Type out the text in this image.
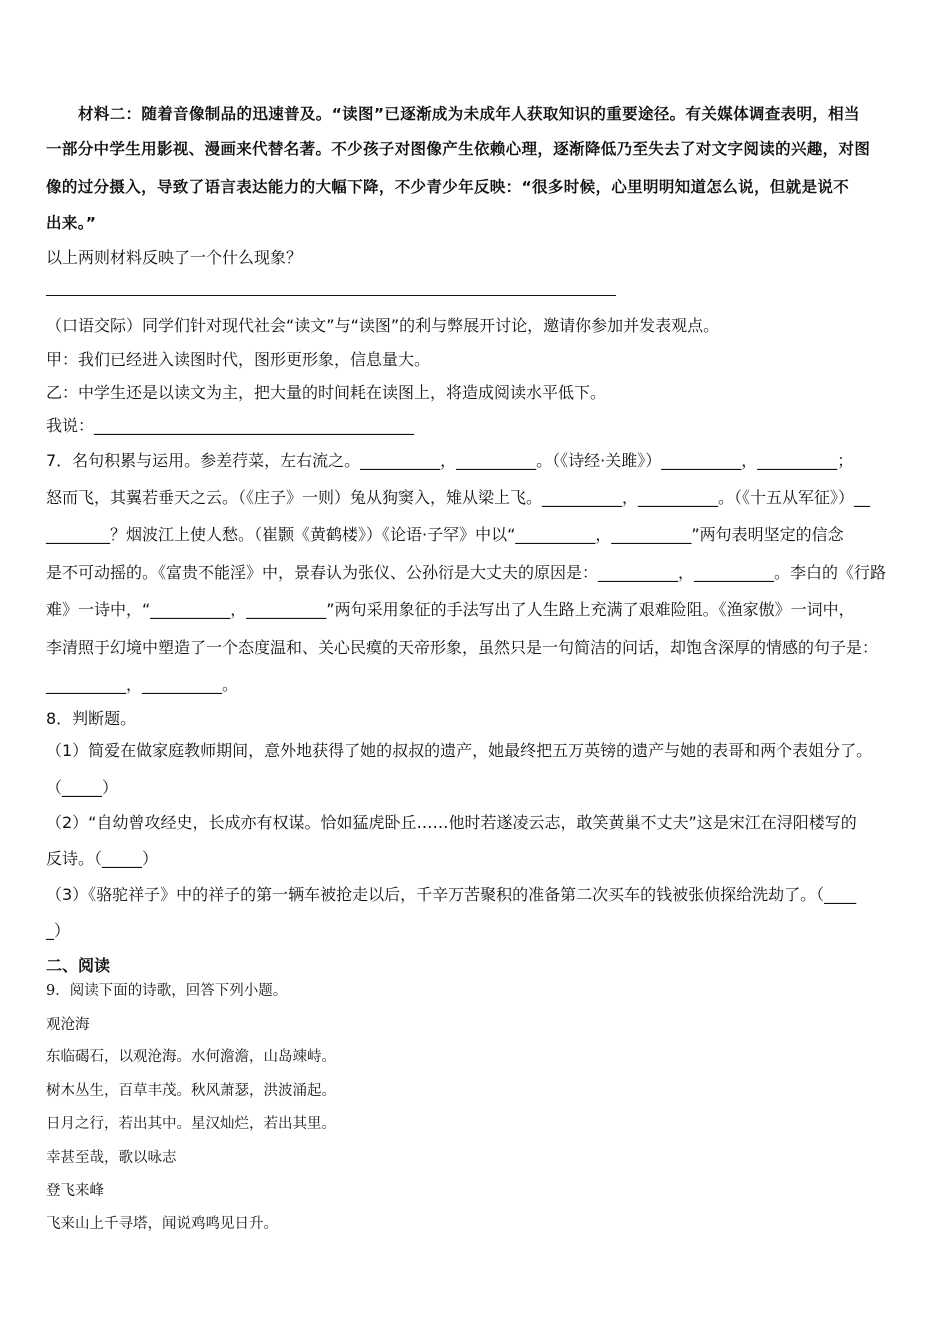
材料二：随着音像制品的迅速普及。“读图”已逐渐成为未成年人获取知识的重要途径。有关媒体调查表明，相当
一部分中学生用影视、漫画来代替名著。不少孩子对图像产生依赖心理，逐渐降低乃至失去了对文字阅读的兴趣，对图
像的过分摄入，导致了语言表达能力的大幅下降，不少青少年反映：“很多时候，心里明明知道怎么说，但就是说不
出来。”
以上两则材料反映了一个什么现象？
（口语交际）同学们针对现代社会“读文”与“读图”的利与弊展开讨论，邀请你参加并发表观点。
甲：我们已经进入读图时代，图形更形象，信息量大。
乙：中学生还是以读文为主，把大量的时间耗在读图上，将造成阅读水平低下。
我说：________________________________________
7．名句积累与运用。参差荇菜，左右流之。__________，__________。（《诗经·关雎》）__________，__________；
怒而飞，其翼若垂天之云。（《庄子》一则）兔从狗窦入，雉从梁上飞。__________，__________。（《十五从军征》）__
________？烟波江上使人愁。（崔颢《黄鹤楼》）《论语·子罕》中以“__________，__________”两句表明坚定的信念
是不可动摇的。《富贵不能淫》中，景春认为张仪、公孙衍是大丈夫的原因是：__________，__________。李白的《行路
难》一诗中，“__________，__________”两句采用象征的手法写出了人生路上充满了艰难险阻。《渔家傲》一词中，
李清照于幻境中塑造了一个态度温和、关心民瘼的天帝形象，虽然只是一句简洁的问话，却饱含深厚的情感的句子是：
__________，__________。
8．判断题。
（1）简爱在做家庭教师期间，意外地获得了她的叔叔的遗产，她最终把五万英镑的遗产与她的表哥和两个表姐分了。
（_____）
（2）“自幼曾攻经史，长成亦有权谋。恰如猛虎卧丘……他时若遂凌云志，敢笑黄巢不丈夫”这是宋江在浔阳楼写的
反诗。（_____）
（3）《骆驼祥子》中的祥子的第一辆车被抢走以后，千辛万苦聚积的准备第二次买车的钱被张侦探给洗劫了。（____
_）
二、阅读
9．阅读下面的诗歌，回答下列小题。
观沧海
东临碣石，以观沧海。水何澹澹，山岛竦峙。
树木丛生，百草丰茂。秋风萧瑟，洪波涌起。
日月之行，若出其中。星汉灿烂，若出其里。
幸甚至哉，歌以咏志
登飞来峰
飞来山上千寻塔，闻说鸡鸣见日升。
